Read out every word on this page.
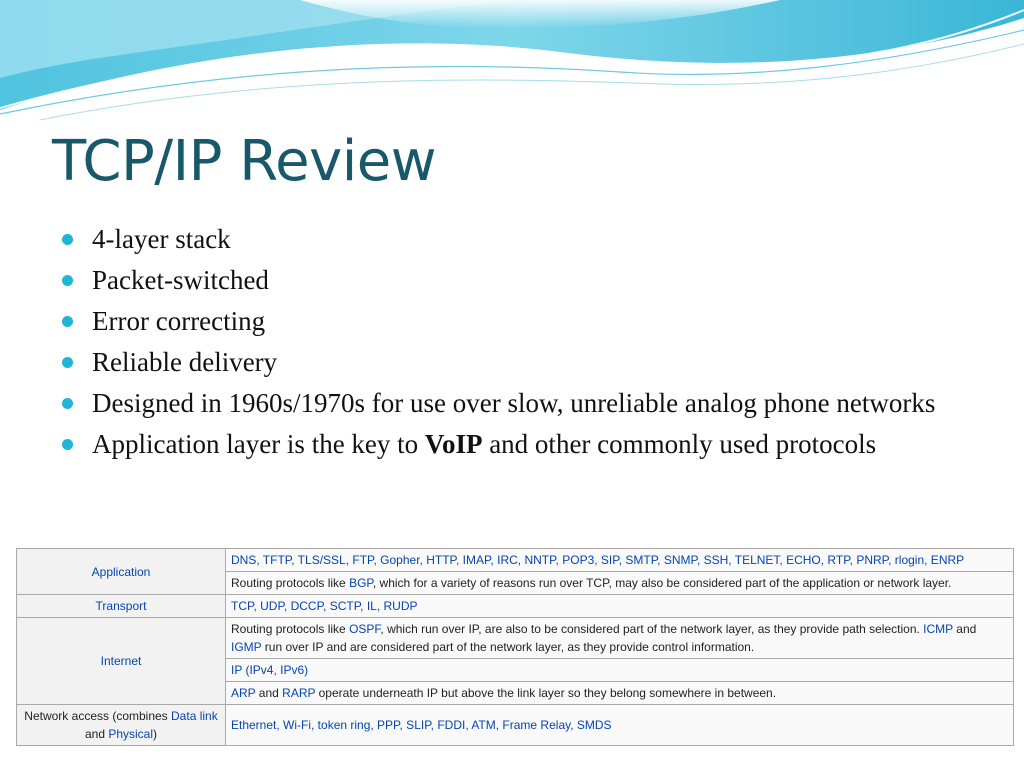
TCP/IP Review
4-layer stack
Packet-switched
Error correcting
Reliable delivery
Designed in 1960s/1970s for use over slow, unreliable analog phone networks
Application layer is the key to VoIP and other commonly used protocols
Application	DNS, TFTP, TLS/SSL, FTP, Gopher, HTTP, IMAP, IRC, NNTP, POP3, SIP, SMTP, SNMP, SSH, TELNET, ECHO, RTP, PNRP, rlogin, ENRP
	Routing protocols like BGP, which for a variety of reasons run over TCP, may also be considered part of the application or network layer.
Transport	TCP, UDP, DCCP, SCTP, IL, RUDP
Internet	Routing protocols like OSPF, which run over IP, are also to be considered part of the network layer, as they provide path selection. ICMP and IGMP run over IP and are considered part of the network layer, as they provide control information.
	IP (IPv4, IPv6)
	ARP and RARP operate underneath IP but above the link layer so they belong somewhere in between.
Network access (combines Data link and Physical)	Ethernet, Wi-Fi, token ring, PPP, SLIP, FDDI, ATM, Frame Relay, SMDS
